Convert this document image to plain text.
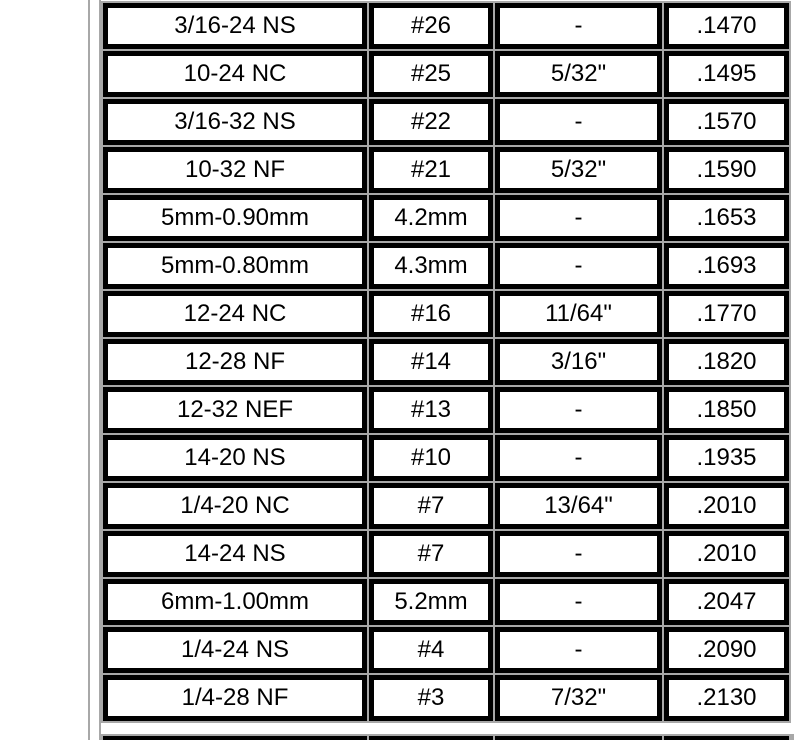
3/16-24 NS	#26	-	.1470
10-24 NC	#25	5/32"	.1495
3/16-32 NS	#22	-	.1570
10-32 NF	#21	5/32"	.1590
5mm-0.90mm	4.2mm	-	.1653
5mm-0.80mm	4.3mm	-	.1693
12-24 NC	#16	11/64"	.1770
12-28 NF	#14	3/16"	.1820
12-32 NEF	#13	-	.1850
14-20 NS	#10	-	.1935
1/4-20 NC	#7	13/64"	.2010
14-24 NS	#7	-	.2010
6mm-1.00mm	5.2mm	-	.2047
1/4-24 NS	#4	-	.2090
1/4-28 NF	#3	7/32"	.2130
